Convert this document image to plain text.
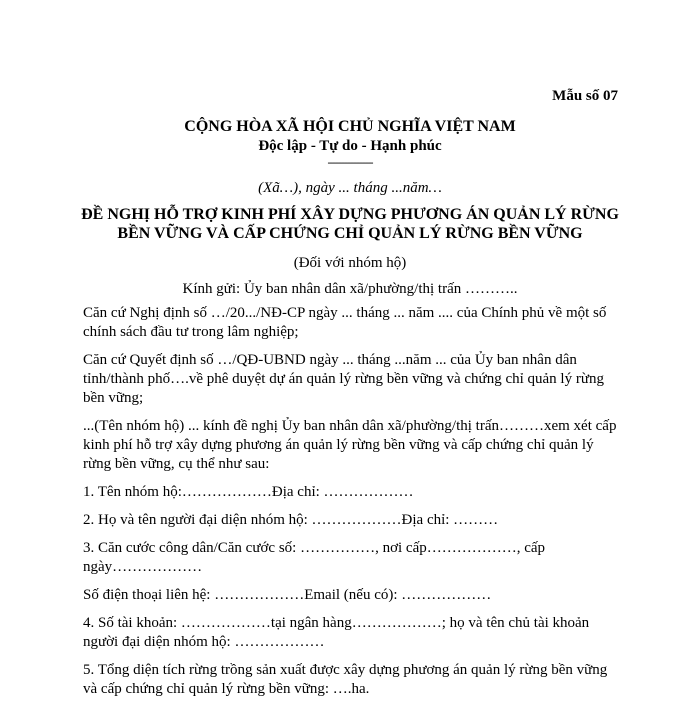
Mẫu số 07
CỘNG HÒA XÃ HỘI CHỦ NGHĨA VIỆT NAM
Độc lập - Tự do - Hạnh phúc
---------------
(Xã…), ngày ... tháng ...năm…
ĐỀ NGHỊ HỖ TRỢ KINH PHÍ XÂY DỰNG PHƯƠNG ÁN QUẢN LÝ RỪNG BỀN VỮNG VÀ CẤP CHỨNG CHỈ QUẢN LÝ RỪNG BỀN VỮNG
(Đối với nhóm hộ)
Kính gửi: Ủy ban nhân dân xã/phường/thị trấn ………..

Căn cứ Nghị định số …/20.../NĐ-CP ngày ... tháng ... năm .... của Chính phủ về một số chính sách đầu tư trong lâm nghiệp;

Căn cứ Quyết định số …/QĐ-UBND ngày ... tháng ...năm ... của Ủy ban nhân dân tỉnh/thành phố….về phê duyệt dự án quản lý rừng bền vững và chứng chỉ quản lý rừng bền vững;

...(Tên nhóm hộ) ... kính đề nghị Ủy ban nhân dân xã/phường/thị trấn………xem xét cấp kinh phí hỗ trợ xây dựng phương án quản lý rừng bền vững và cấp chứng chỉ quản lý rừng bền vững, cụ thể như sau:

1. Tên nhóm hộ:………………Địa chỉ: ………………

2. Họ và tên người đại diện nhóm hộ: ………………Địa chỉ: ………

3. Căn cước công dân/Căn cước số: ……………, nơi cấp………………, cấp ngày………………

Số điện thoại liên hệ: ………………Email (nếu có): ………………

4. Số tài khoản: ………………tại ngân hàng………………; họ và tên chủ tài khoản người đại diện nhóm hộ: ………………

5. Tổng diện tích rừng trồng sản xuất được xây dựng phương án quản lý rừng bền vững và cấp chứng chỉ quản lý rừng bền vững: ….ha.
